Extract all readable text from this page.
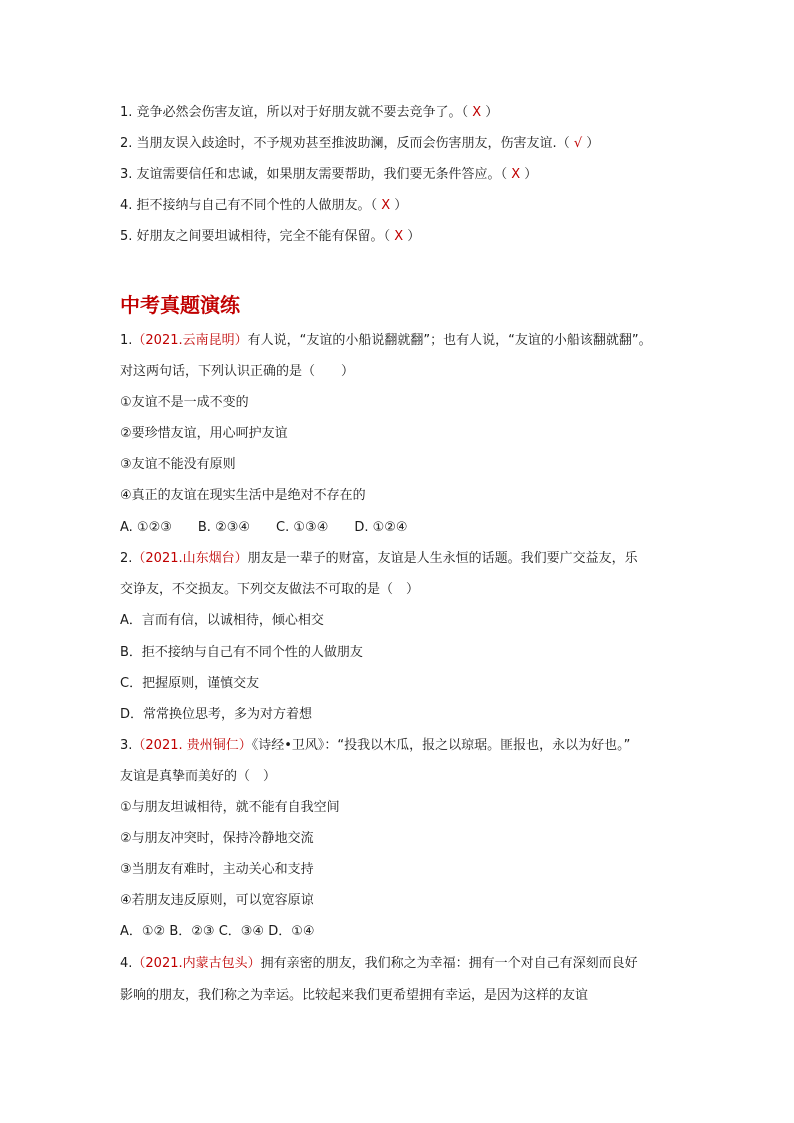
1. 竞争必然会伤害友谊，所以对于好朋友就不要去竞争了。（ X ）
2. 当朋友误入歧途时，不予规劝甚至推波助澜，反而会伤害朋友，伤害友谊.（ √ ）
3. 友谊需要信任和忠诚，如果朋友需要帮助，我们要无条件答应。（ X ）
4. 拒不接纳与自己有不同个性的人做朋友。（ X ）
5. 好朋友之间要坦诚相待，完全不能有保留。（ X ）
中考真题演练
1.（2021.云南昆明）有人说，“友谊的小船说翻就翻”；也有人说，“友谊的小船该翻就翻”。
对这两句话，下列认识正确的是（　　）
①友谊不是一成不变的
②要珍惜友谊，用心呵护友谊
③友谊不能没有原则
④真正的友谊在现实生活中是绝对不存在的
A. ①②③　　B. ②③④　　C. ①③④　　D. ①②④
2.（2021.山东烟台）朋友是一辈子的财富，友谊是人生永恒的话题。我们要广交益友，乐
交诤友，不交损友。下列交友做法不可取的是（　）
A．言而有信，以诚相待，倾心相交
B．拒不接纳与自己有不同个性的人做朋友
C．把握原则，谨慎交友
D．常常换位思考，多为对方着想
3.（2021. 贵州铜仁）《诗经•卫风》：“投我以木瓜，报之以琼琚。匪报也，永以为好也。”
友谊是真挚而美好的（　）
①与朋友坦诚相待，就不能有自我空间
②与朋友冲突时，保持冷静地交流
③当朋友有难时，主动关心和支持
④若朋友违反原则，可以宽容原谅
A．①② B．②③ C．③④ D．①④
4.（2021.内蒙古包头）拥有亲密的朋友，我们称之为幸福：拥有一个对自己有深刻而良好
影响的朋友，我们称之为幸运。比较起来我们更希望拥有幸运，是因为这样的友谊
